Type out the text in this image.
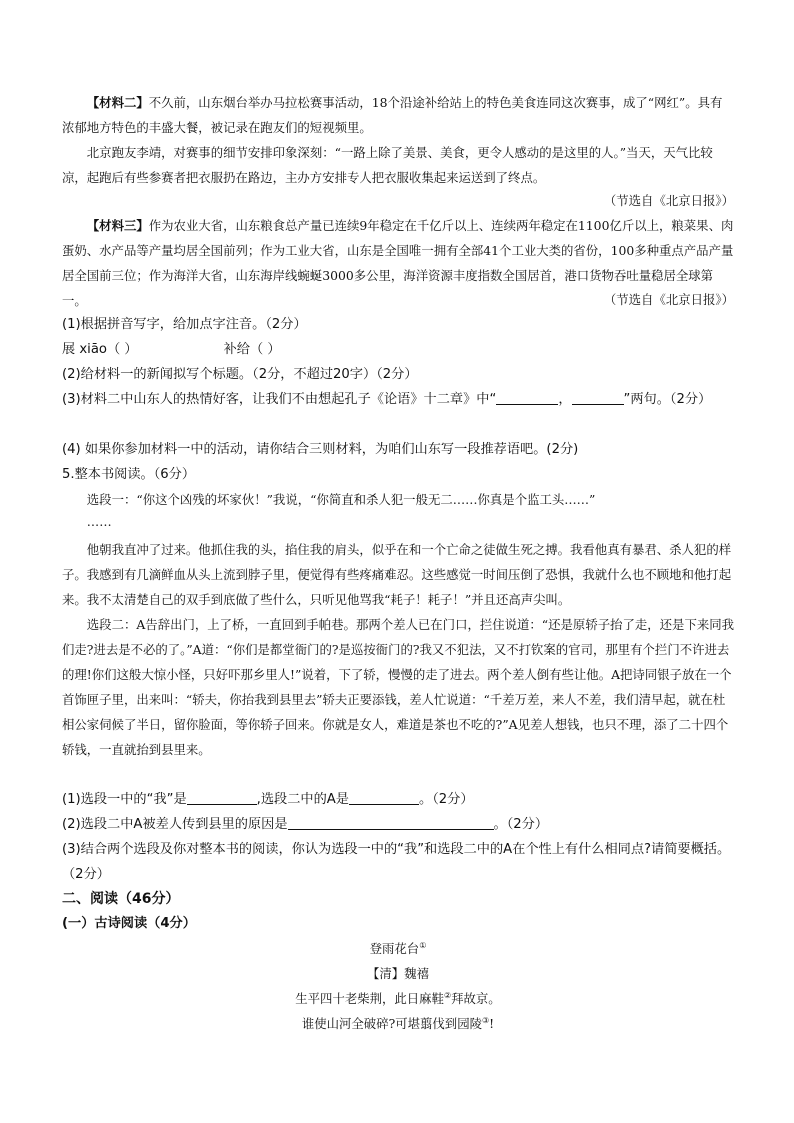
【材料二】不久前，山东烟台举办马拉松赛事活动，18个沿途补给站上的特色美食连同这次赛事，成了“网红”。具有浓郁地方特色的丰盛大餐，被记录在跑友们的短视频里。

北京跑友李靖，对赛事的细节安排印象深刻：“一路上除了美景、美食，更令人感动的是这里的人。”当天，天气比较凉，起跑后有些参赛者把衣服扔在路边，主办方安排专人把衣服收集起来运送到了终点。

（节选自《北京日报》）

【材料三】作为农业大省，山东粮食总产量已连续9年稳定在千亿斤以上、连续两年稳定在1100亿斤以上，粮菜果、肉蛋奶、水产品等产量均居全国前列；作为工业大省，山东是全国唯一拥有全部41个工业大类的省份，100多种重点产品产量居全国前三位；作为海洋大省，山东海岸线蜿蜒3000多公里，海洋资源丰度指数全国居首，港口货物吞吐量稳居全球第一。	（节选自《北京日报》）

(1)根据拼音写字，给加点字注音。（2分）

展 xiāo（ ）	补给（ ）

(2)给材料一的新闻拟写个标题。（2分，不超过20字）（2分）

(3)材料二中山东人的热情好客，让我们不由想起孔子《论语》十二章》中“	，	”两句。（2分）

(4) 如果你参加材料一中的活动，请你结合三则材料，为咱们山东写一段推荐语吧。(2分)

5.整本书阅读。（6分）

选段一：“你这个凶残的坏家伙！”我说，“你简直和杀人犯一般无二……你真是个监工头……”

……

他朝我直冲了过来。他抓住我的头，掐住我的肩头，似乎在和一个亡命之徒做生死之搏。我看他真有暴君、杀人犯的样子。我感到有几滴鲜血从头上流到脖子里，便觉得有些疼痛难忍。这些感觉一时间压倒了恐惧，我就什么也不顾地和他打起来。我不太清楚自己的双手到底做了些什么，只听见他骂我“耗子！耗子！”并且还高声尖叫。

选段二：A告辞出门，上了桥，一直回到手帕巷。那两个差人已在门口，拦住说道：“还是原轿子抬了走，还是下来同我们走?进去是不必的了。”A道：“你们是都堂衙门的?是巡按衙门的?我又不犯法，又不打钦案的官司，那里有个拦门不许进去的理!你们这般大惊小怪，只好吓那乡里人!”说着，下了轿，慢慢的走了进去。两个差人倒有些让他。A把诗同银子放在一个首饰匣子里，出来叫：“轿夫，你抬我到县里去”轿夫正要添钱，差人忙说道：“千差万差，来人不差，我们清早起，就在杜相公家伺候了半日，留你脸面，等你轿子回来。你就是女人，难道是茶也不吃的?”A见差人想钱，也只不理，添了二十四个轿钱，一直就抬到县里来。

(1)选段一中的“我”是	,选段二中的A是	。（2分）

(2)选段二中A被差人传到县里的原因是	。（2分）

(3)结合两个选段及你对整本书的阅读，你认为选段一中的“我”和选段二中的A在个性上有什么相同点?请简要概括。（2分）

二、阅读（46分）

(一）古诗阅读（4分）

登雨花台①

【清】魏禧

生平四十老柴荆，此日麻鞋②拜故京。

谁使山河全破碎?可堪翦伐到园陵③!
